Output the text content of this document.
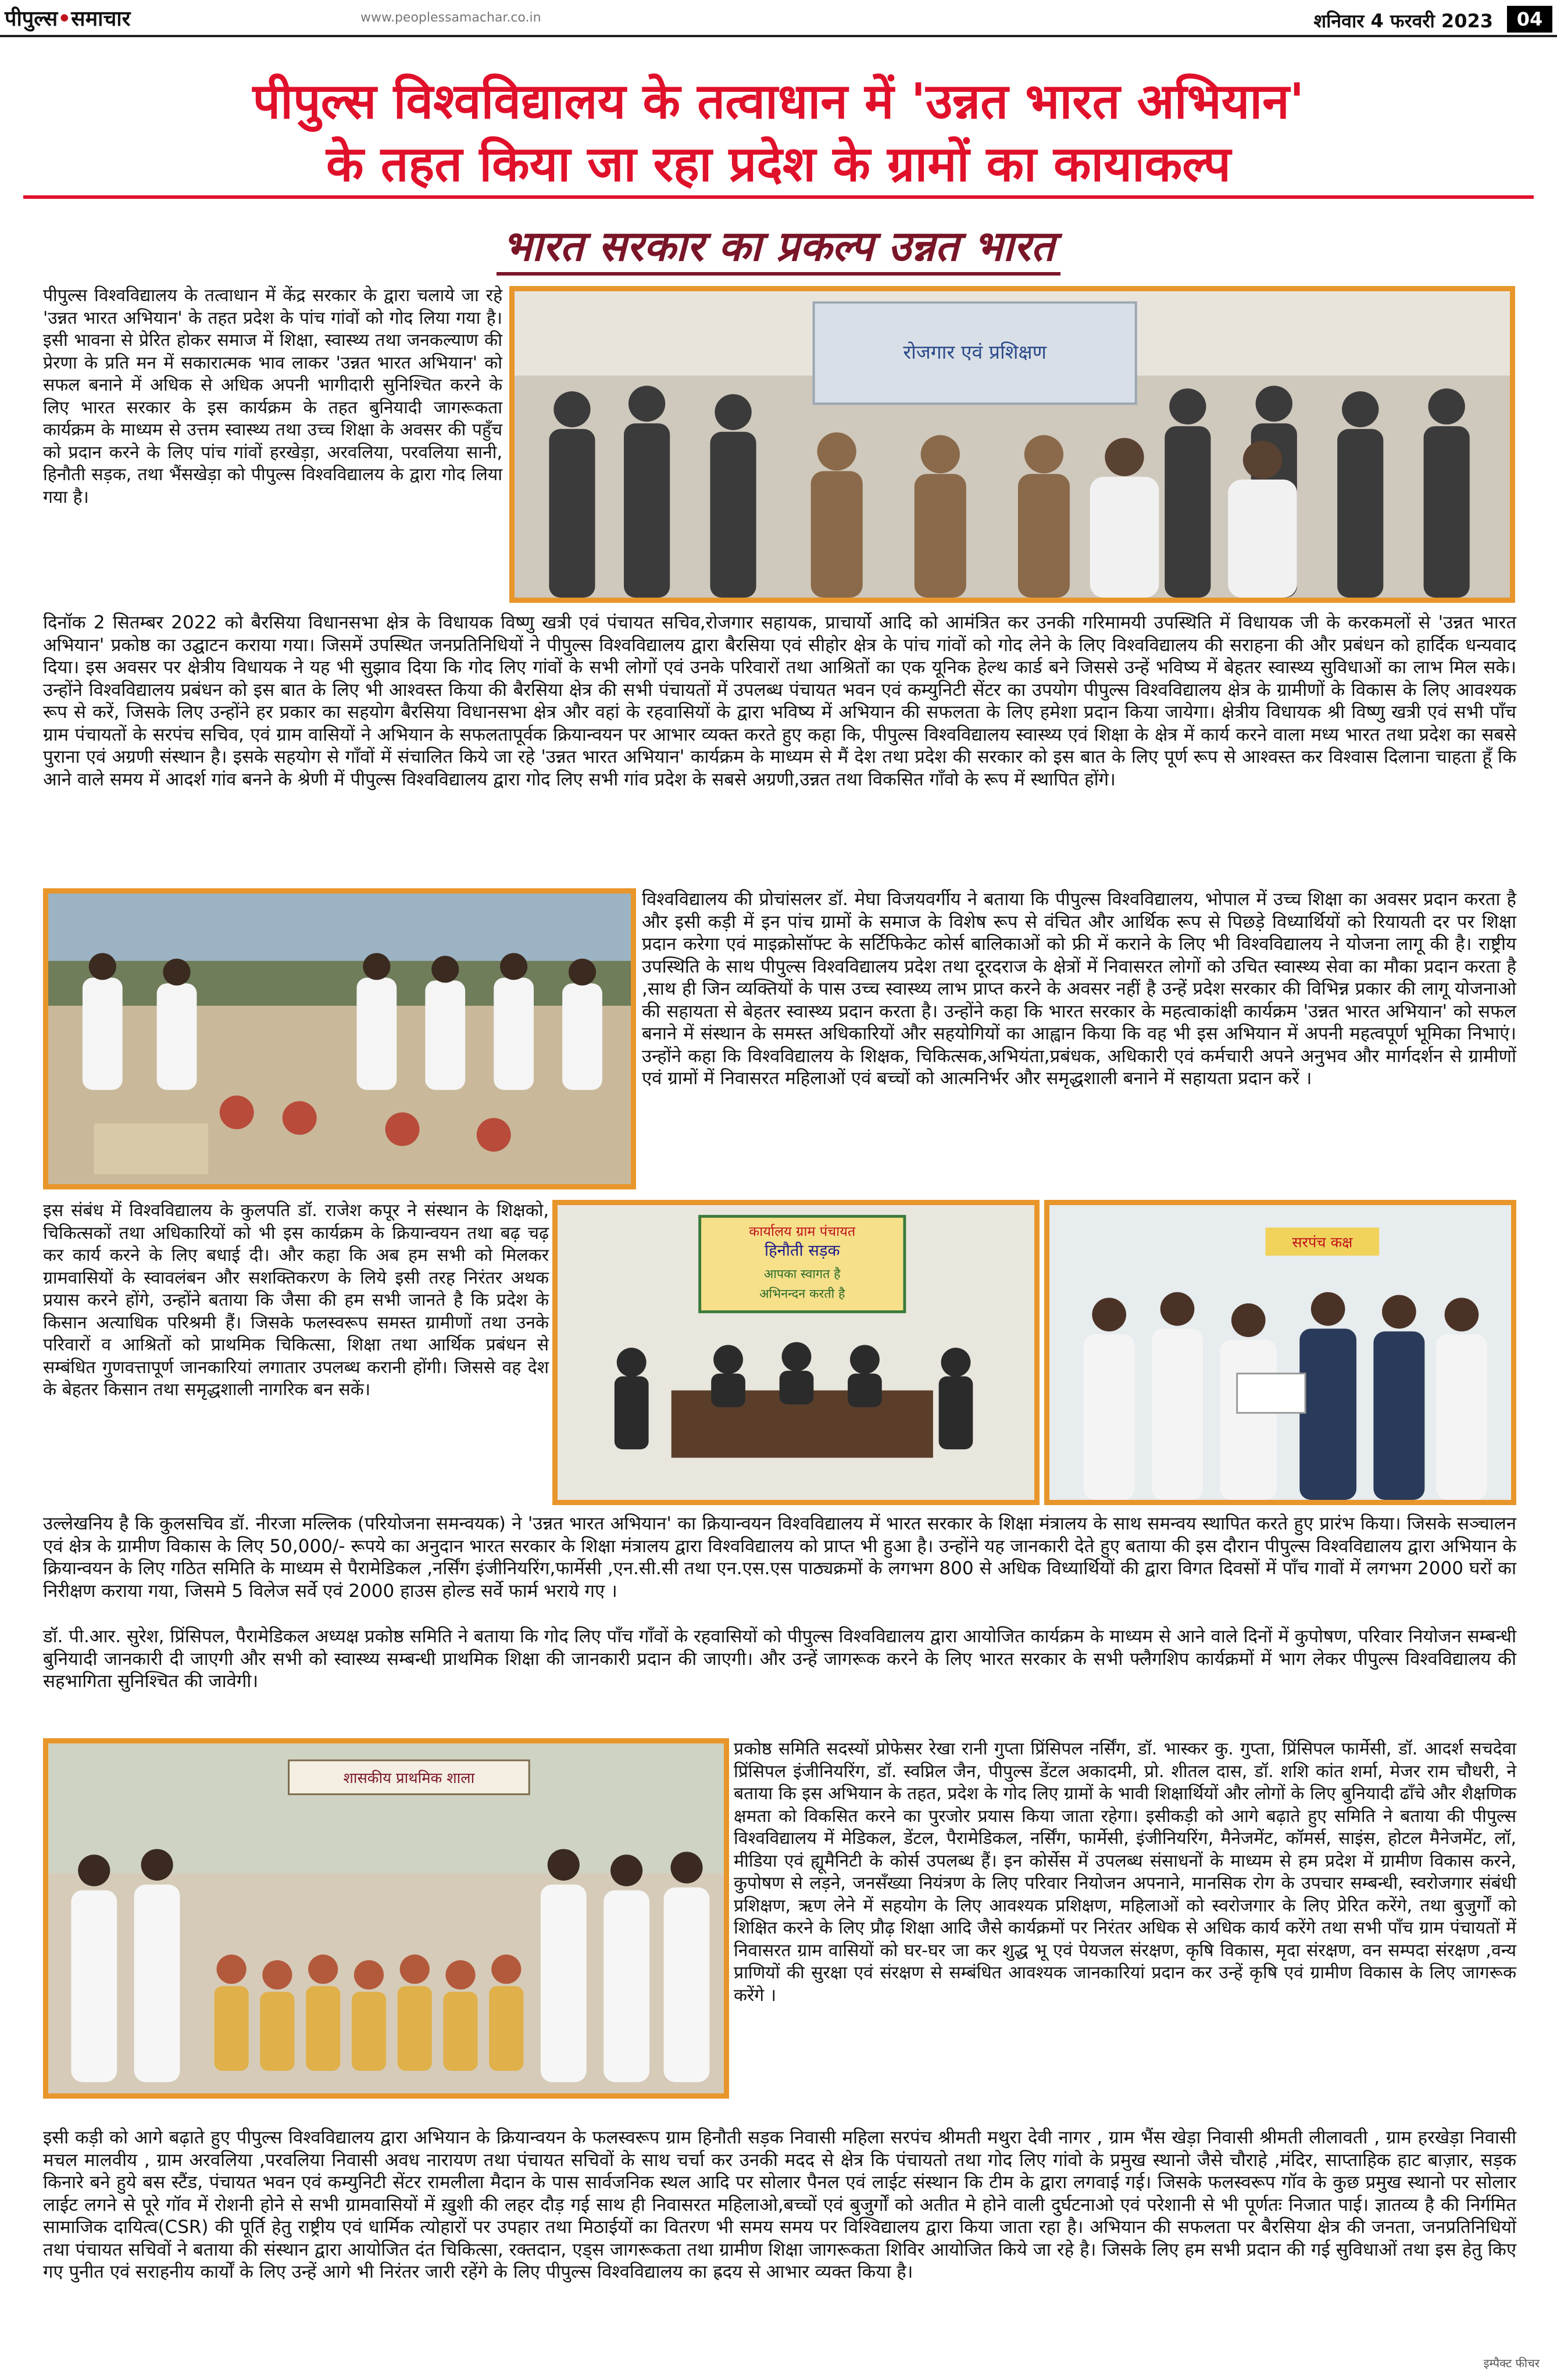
पीपुल्स•समाचार	www.peoplessamachar.co.in	शनिवार 4 फरवरी 2023	04
पीपुल्स विश्वविद्यालय के तत्वाधान में 'उन्नत भारत अभियान'
के तहत किया जा रहा प्रदेश के ग्रामों का कायाकल्प
भारत सरकार का प्रकल्प उन्नत भारत

पीपुल्स विश्वविद्यालय के तत्वाधान में केंद्र सरकार के द्वारा चलाये जा रहे 'उन्नत भारत अभियान' के तहत प्रदेश के पांच गांवों को गोद लिया गया है। इसी भावना से प्रेरित होकर समाज में शिक्षा, स्वास्थ्य तथा जनकल्याण की प्रेरणा के प्रति मन में सकारात्मक भाव लाकर 'उन्नत भारत अभियान' को सफल बनाने में अधिक से अधिक अपनी भागीदारी सुनिश्चित करने के लिए भारत सरकार के इस कार्यक्रम के तहत बुनियादी जागरूकता कार्यक्रम के माध्यम से उत्तम स्वास्थ्य तथा उच्च शिक्षा के अवसर की पहुँच को प्रदान करने के लिए पांच गांवों हरखेड़ा, अरवलिया, परवलिया सानी, हिनौती सड़क, तथा भैंसखेड़ा को पीपुल्स विश्वविद्यालय के द्वारा गोद लिया गया है।

रोजगार एवं प्रशिक्षण

दिनॉक 2 सितम्बर 2022 को बैरसिया विधानसभा क्षेत्र के विधायक विष्णु खत्री एवं पंचायत सचिव,रोजगार सहायक, प्राचार्यो आदि को आमंत्रित कर उनकी गरिमामयी उपस्थिति में विधायक जी के करकमलों से 'उन्नत भारत अभियान' प्रकोष्ठ का उद्घाटन कराया गया। जिसमें उपस्थित जनप्रतिनिधियों ने पीपुल्स विश्वविद्यालय द्वारा बैरसिया एवं सीहोर क्षेत्र के पांच गांवों को गोद लेने के लिए विश्वविद्यालय की सराहना की और प्रबंधन को हार्दिक धन्यवाद दिया। इस अवसर पर क्षेत्रीय विधायक ने यह भी सुझाव दिया कि गोद लिए गांवों के सभी लोगों एवं उनके परिवारों तथा आश्रितों का एक यूनिक हेल्थ कार्ड बने जिससे उन्हें भविष्य में बेहतर स्वास्थ्य सुविधाओं का लाभ मिल सके। उन्होंने विश्वविद्यालय प्रबंधन को इस बात के लिए भी आश्वस्त किया की बैरसिया क्षेत्र की सभी पंचायतों में उपलब्ध पंचायत भवन एवं कम्युनिटी सेंटर का उपयोग पीपुल्स विश्वविद्यालय क्षेत्र के ग्रामीणों के विकास के लिए आवश्यक रूप से करें, जिसके लिए उन्होंने हर प्रकार का सहयोग बैरसिया विधानसभा क्षेत्र और वहां के रहवासियों के द्वारा भविष्य में अभियान की सफलता के लिए हमेशा प्रदान किया जायेगा। क्षेत्रीय विधायक श्री विष्णु खत्री एवं सभी पाँच ग्राम पंचायतों के सरपंच सचिव, एवं ग्राम वासियों ने अभियान के सफलतापूर्वक क्रियान्वयन पर आभार व्यक्त करते हुए कहा कि, पीपुल्स विश्वविद्यालय स्वास्थ्य एवं शिक्षा के क्षेत्र में कार्य करने वाला मध्य भारत तथा प्रदेश का सबसे पुराना एवं अग्रणी संस्थान है। इसके सहयोग से गाँवों में संचालित किये जा रहे 'उन्नत भारत अभियान' कार्यक्रम के माध्यम से मैं देश तथा प्रदेश की सरकार को इस बात के लिए पूर्ण रूप से आश्वस्त कर विश्वास दिलाना चाहता हूँ कि आने वाले समय में आदर्श गांव बनने के श्रेणी में पीपुल्स विश्वविद्यालय द्वारा गोद लिए सभी गांव प्रदेश के सबसे अग्रणी,उन्नत तथा विकसित गाँवो के रूप में स्थापित होंगे।

विश्वविद्यालय की प्रोचांसलर डॉ. मेघा विजयवर्गीय ने बताया कि पीपुल्स विश्वविद्यालय, भोपाल में उच्च शिक्षा का अवसर प्रदान करता है और इसी कड़ी में इन पांच ग्रामों के समाज के विशेष रूप से वंचित और आर्थिक रूप से पिछड़े विध्यार्थियों को रियायती दर पर शिक्षा प्रदान करेगा एवं माइक्रोसॉफ्ट के सर्टिफिकेट कोर्स बालिकाओं को फ्री में कराने के लिए भी विश्वविद्यालय ने योजना लागू की है। राष्ट्रीय उपस्थिति के साथ पीपुल्स विश्वविद्यालय प्रदेश तथा दूरदराज के क्षेत्रों में निवासरत लोगों को उचित स्वास्थ्य सेवा का मौका प्रदान करता है ,साथ ही जिन व्यक्तियों के पास उच्च स्वास्थ्य लाभ प्राप्त करने के अवसर नहीं है उन्हें प्रदेश सरकार की विभिन्न प्रकार की लागू योजनाओ की सहायता से बेहतर स्वास्थ्य प्रदान करता है। उन्होंने कहा कि भारत सरकार के महत्वाकांक्षी कार्यक्रम 'उन्नत भारत अभियान' को सफल बनाने में संस्थान के समस्त अधिकारियों और सहयोगियों का आह्वान किया कि वह भी इस अभियान में अपनी महत्वपूर्ण भूमिका निभाएं। उन्होंने कहा कि विश्वविद्यालय के शिक्षक, चिकित्सक,अभियंता,प्रबंधक, अधिकारी एवं कर्मचारी अपने अनुभव और मार्गदर्शन से ग्रामीणों एवं ग्रामों में निवासरत महिलाओं एवं बच्चों को आत्मनिर्भर और समृद्धशाली बनाने में सहायता प्रदान करें ।

इस संबंध में विश्वविद्यालय के कुलपति डॉ. राजेश कपूर ने संस्थान के शिक्षको, चिकित्सकों तथा अधिकारियों को भी इस कार्यक्रम के क्रियान्वयन तथा बढ़ चढ़ कर कार्य करने के लिए बधाई दी। और कहा कि अब हम सभी को मिलकर ग्रामवासियों के स्वावलंबन और सशक्तिकरण के लिये इसी तरह निरंतर अथक प्रयास करने होंगे, उन्होंने बताया कि जैसा की हम सभी जानते है कि प्रदेश के किसान अत्याधिक परिश्रमी हैं। जिसके फलस्वरूप समस्त ग्रामीणों तथा उनके परिवारों व आश्रितों को प्राथमिक चिकित्सा, शिक्षा तथा आर्थिक प्रबंधन से सम्बंधित गुणवत्तापूर्ण जानकारियां लगातार उपलब्ध करानी होंगी। जिससे वह देश के बेहतर किसान तथा समृद्धशाली नागरिक बन सकें।

कार्यालय ग्राम पंचायत
हिनौती सड़क
आपका स्वागत है
अभिनन्दन करती है
सरपंच कक्ष

उल्लेखनिय है कि कुलसचिव डॉ. नीरजा मल्लिक (परियोजना समन्वयक) ने 'उन्नत भारत अभियान' का क्रियान्वयन विश्वविद्यालय में भारत सरकार के शिक्षा मंत्रालय के साथ समन्वय स्थापित करते हुए प्रारंभ किया। जिसके सञ्चालन एवं क्षेत्र के ग्रामीण विकास के लिए 50,000/- रूपये का अनुदान भारत सरकार के शिक्षा मंत्रालय द्वारा विश्वविद्यालय को प्राप्त भी हुआ है। उन्होंने यह जानकारी देते हुए बताया की इस दौरान पीपुल्स विश्वविद्यालय द्वारा अभियान के क्रियान्वयन के लिए गठित समिति के माध्यम से पैरामेडिकल ,नर्सिंग इंजीनियरिंग,फार्मेसी ,एन.सी.सी तथा एन.एस.एस पाठ्यक्रमों के लगभग 800 से अधिक विध्यार्थियों की द्वारा विगत दिवसों में पाँच गावों में लगभग 2000 घरों का निरीक्षण कराया गया, जिसमे 5 विलेज सर्वे एवं 2000 हाउस होल्ड सर्वे फार्म भराये गए ।

डॉ. पी.आर. सुरेश, प्रिंसिपल, पैरामेडिकल अध्यक्ष प्रकोष्ठ समिति ने बताया कि गोद लिए पाँच गाँवों के रहवासियों को पीपुल्स विश्वविद्यालय द्वारा आयोजित कार्यक्रम के माध्यम से आने वाले दिनों में कुपोषण, परिवार नियोजन सम्बन्धी बुनियादी जानकारी दी जाएगी और सभी को स्वास्थ्य सम्बन्धी प्राथमिक शिक्षा की जानकारी प्रदान की जाएगी। और उन्हें जागरूक करने के लिए भारत सरकार के सभी फ्लैगशिप कार्यक्रमों में भाग लेकर पीपुल्स विश्वविद्यालय की सहभागिता सुनिश्चित की जावेगी।

शासकीय प्राथमिक शाला

प्रकोष्ठ समिति सदस्यों प्रोफेसर रेखा रानी गुप्ता प्रिंसिपल नर्सिंग, डॉ. भास्कर कु. गुप्ता, प्रिंसिपल फार्मेसी, डॉ. आदर्श सचदेवा प्रिंसिपल इंजीनियरिंग, डॉ. स्वप्निल जैन, पीपुल्स डेंटल अकादमी, प्रो. शीतल दास, डॉ. शशि कांत शर्मा, मेजर राम चौधरी, ने बताया कि इस अभियान के तहत, प्रदेश के गोद लिए ग्रामों के भावी शिक्षार्थियों और लोगों के लिए बुनियादी ढाँचे और शैक्षणिक क्षमता को विकसित करने का पुरजोर प्रयास किया जाता रहेगा। इसीकड़ी को आगे बढ़ाते हुए समिति ने बताया की पीपुल्स विश्वविद्यालय में मेडिकल, डेंटल, पैरामेडिकल, नर्सिंग, फार्मेसी, इंजीनियरिंग, मैनेजमेंट, कॉमर्स, साइंस, होटल मैनेजमेंट, लॉ, मीडिया एवं ह्यूमैनिटी के कोर्स उपलब्ध हैं। इन कोर्सेस में उपलब्ध संसाधनों के माध्यम से हम प्रदेश में ग्रामीण विकास करने, कुपोषण से लड़ने, जनसँख्या नियंत्रण के लिए परिवार नियोजन अपनाने, मानसिक रोग के उपचार सम्बन्धी, स्वरोजगार संबंधी प्रशिक्षण, ऋण लेने में सहयोग के लिए आवश्यक प्रशिक्षण, महिलाओं को स्वरोजगार के लिए प्रेरित करेंगे, तथा बुजुर्गों को शिक्षित करने के लिए प्रौढ़ शिक्षा आदि जैसे कार्यक्रमों पर निरंतर अधिक से अधिक कार्य करेंगे तथा सभी पाँच ग्राम पंचायतों में निवासरत ग्राम वासियों को घर-घर जा कर शुद्ध भू एवं पेयजल संरक्षण, कृषि विकास, मृदा संरक्षण, वन सम्पदा संरक्षण ,वन्य प्राणियों की सुरक्षा एवं संरक्षण से सम्बंधित आवश्यक जानकारियां प्रदान कर उन्हें कृषि एवं ग्रामीण विकास के लिए जागरूक करेंगे ।

इसी कड़ी को आगे बढ़ाते हुए पीपुल्स विश्वविद्यालय द्वारा अभियान के क्रियान्वयन के फलस्वरूप ग्राम हिनौती सड़क निवासी महिला सरपंच श्रीमती मथुरा देवी नागर , ग्राम भैंस खेड़ा निवासी श्रीमती लीलावती , ग्राम हरखेड़ा निवासी मचल मालवीय , ग्राम अरवलिया ,परवलिया निवासी अवध नारायण तथा पंचायत सचिवों के साथ चर्चा कर उनकी मदद से क्षेत्र कि पंचायतो तथा गोद लिए गांवो के प्रमुख स्थानो जैसे चौराहे ,मंदिर, साप्ताहिक हाट बाज़ार, सड़क किनारे बने हुये बस स्टैंड, पंचायत भवन एवं कम्युनिटी सेंटर रामलीला मैदान के पास सार्वजनिक स्थल आदि पर सोलार पैनल एवं लाईट संस्थान कि टीम के द्वारा लगवाई गई। जिसके फलस्वरूप गॉव के कुछ प्रमुख स्थानो पर सोलार लाईट लगने से पूरे गॉव में रोशनी होने से सभी ग्रामवासियों में ख़ुशी की लहर दौड़ गई साथ ही निवासरत महिलाओ,बच्चों एवं बुजुर्गों को अतीत मे होने वाली दुर्घटनाओ एवं परेशानी से भी पूर्णतः निजात पाई। ज्ञातव्य है की निर्गमित सामाजिक दायित्व(CSR) की पूर्ति हेतु राष्ट्रीय एवं धार्मिक त्योहारों पर उपहार तथा मिठाईयों का वितरण भी समय समय पर विश्विद्यालय द्वारा किया जाता रहा है। अभियान की सफलता पर बैरसिया क्षेत्र की जनता, जनप्रतिनिधियों तथा पंचायत सचिवों ने बताया की संस्थान द्वारा आयोजित दंत चिकित्सा, रक्तदान, एड्स जागरूकता तथा ग्रामीण शिक्षा जागरूकता शिविर आयोजित किये जा रहे है। जिसके लिए हम सभी प्रदान की गई सुविधाओं तथा इस हेतु किए गए पुनीत एवं सराहनीय कार्यों के लिए उन्हें आगे भी निरंतर जारी रहेंगे के लिए पीपुल्स विश्वविद्यालय का ह्रदय से आभार व्यक्त किया है।

इम्पैक्ट फीचर
